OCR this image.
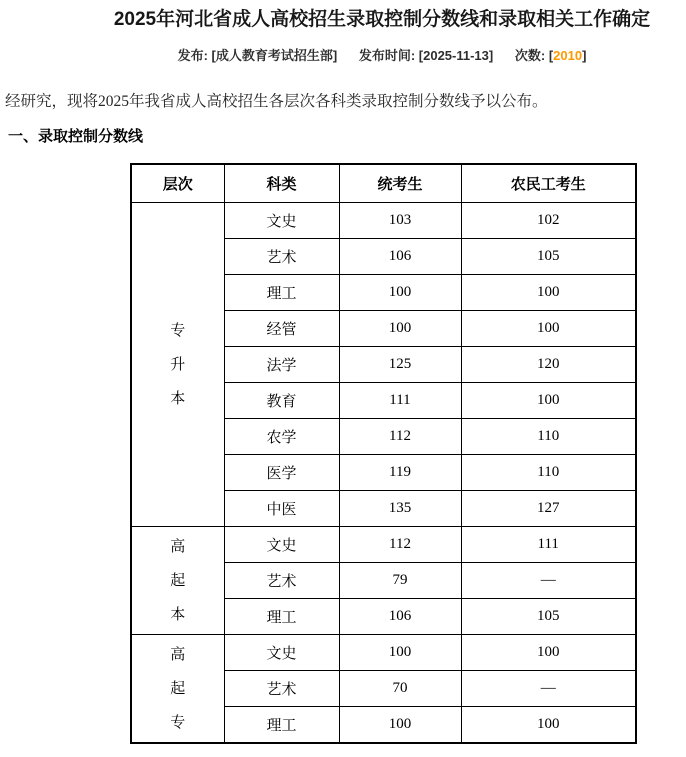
2025年河北省成人高校招生录取控制分数线和录取相关工作确定
发布: [成人教育考试招生部] 发布时间: [2025-11-13] 次数: [2010]

经研究，现将2025年我省成人高校招生各层次各科类录取控制分数线予以公布。

一、录取控制分数线
层次	科类	统考生	农民工考生

专
升
本	文史	103	102
	艺术	106	105
	理工	100	100
	经管	100	100
	法学	125	120
	教育	111	100
	农学	112	110
	医学	119	110
	中医	135	127

高
起
本	文史	112	111
	艺术	79	—
	理工	106	105

高
起
专	文史	100	100
	艺术	70	—
	理工	100	100
